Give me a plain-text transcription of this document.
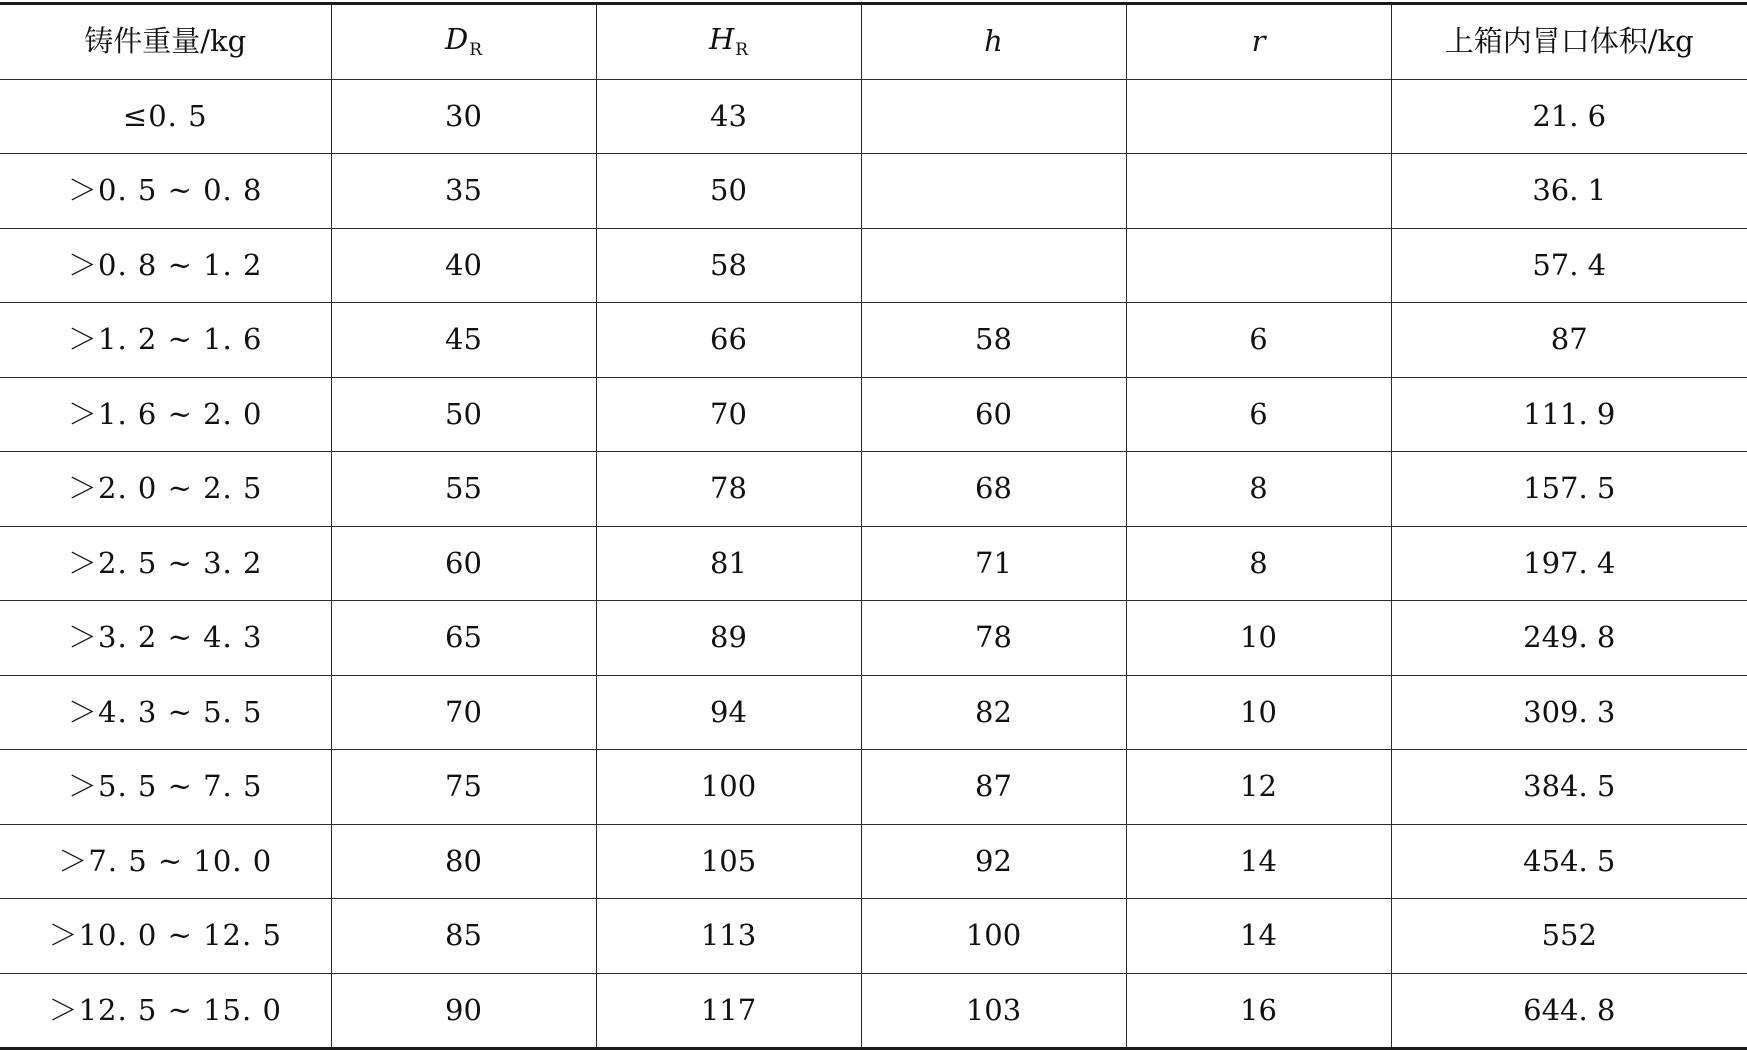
铸件重量/kg	$D_R$	$H_R$	h	r	上箱内冒口体积/kg
≤0. 5	30	43			21. 6
＞0. 5 ~ 0. 8	35	50			36. 1
＞0. 8 ~ 1. 2	40	58			57. 4
＞1. 2 ~ 1. 6	45	66	58	6	87
＞1. 6 ~ 2. 0	50	70	60	6	111. 9
＞2. 0 ~ 2. 5	55	78	68	8	157. 5
＞2. 5 ~ 3. 2	60	81	71	8	197. 4
＞3. 2 ~ 4. 3	65	89	78	10	249. 8
＞4. 3 ~ 5. 5	70	94	82	10	309. 3
＞5. 5 ~ 7. 5	75	100	87	12	384. 5
＞7. 5 ~ 10. 0	80	105	92	14	454. 5
＞10. 0 ~ 12. 5	85	113	100	14	552
＞12. 5 ~ 15. 0	90	117	103	16	644. 8
